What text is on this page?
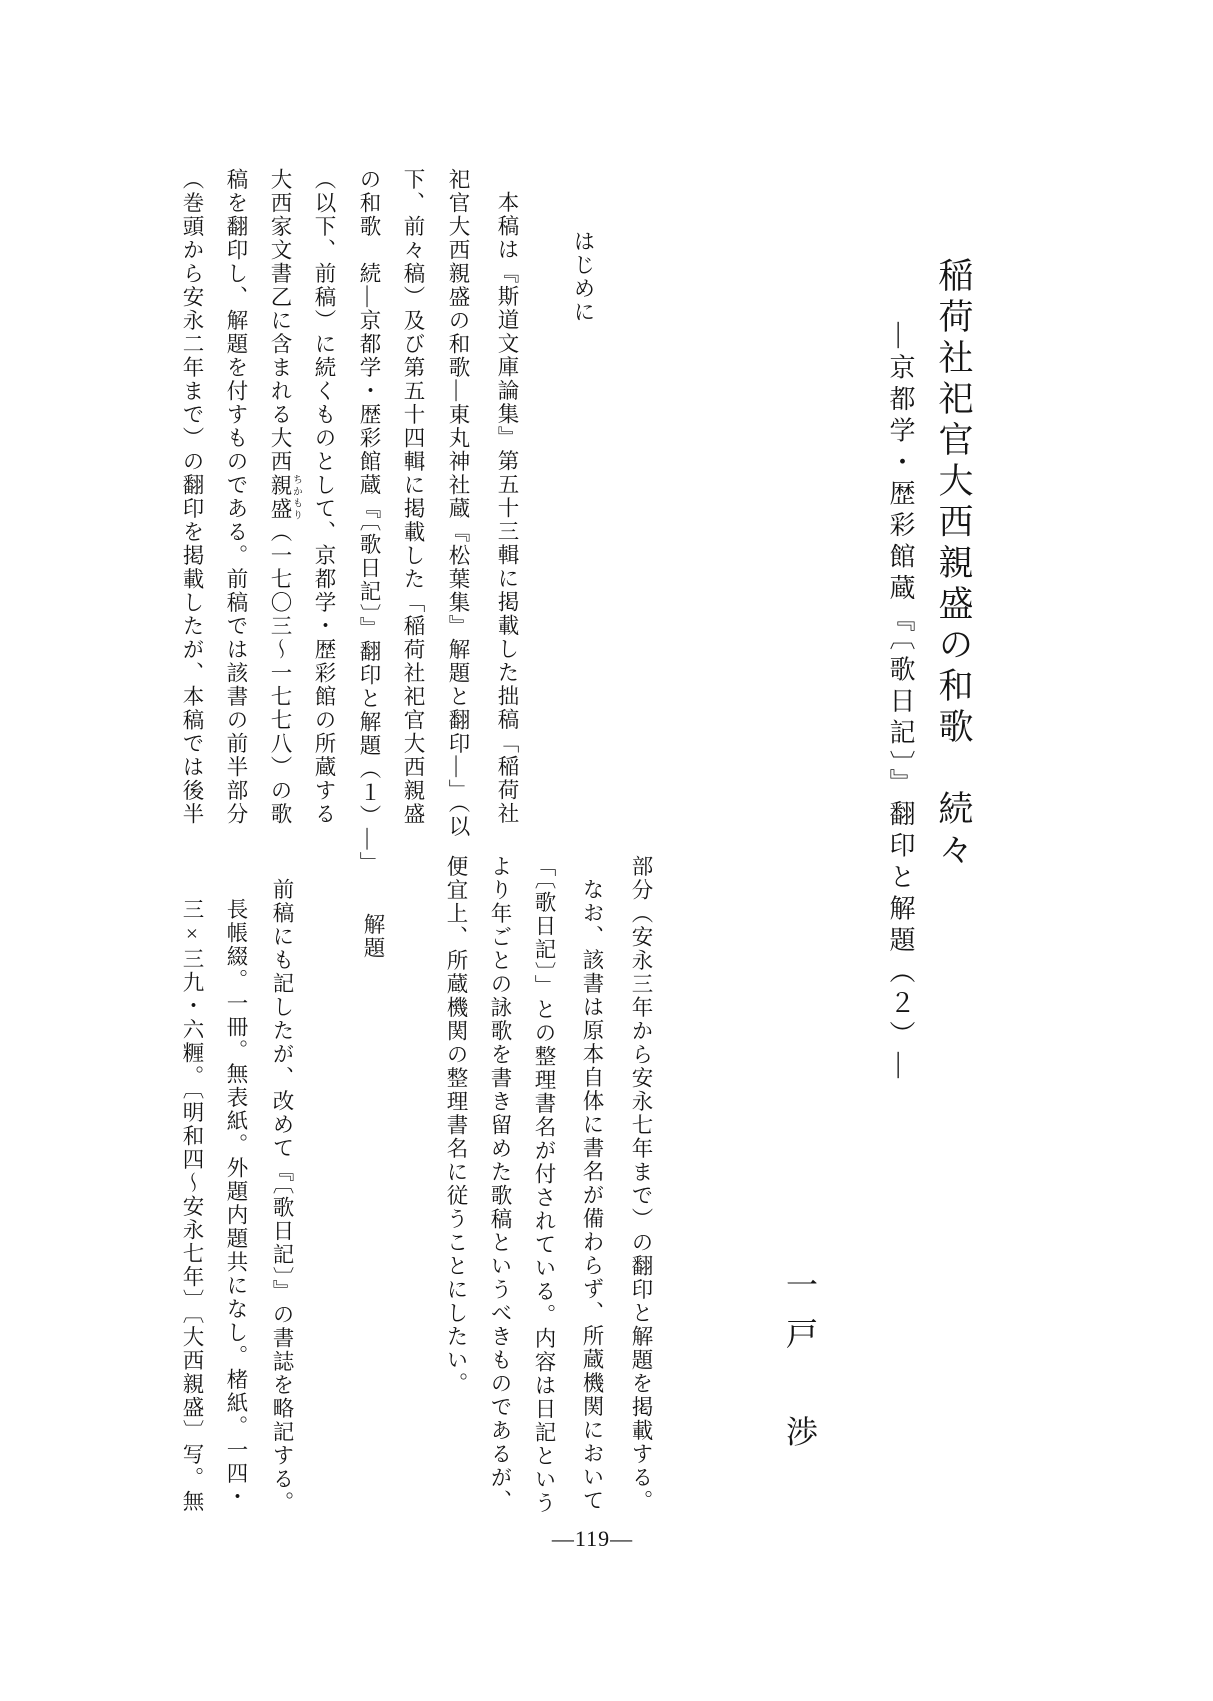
稲荷社祀官大西親盛の和歌　続々
―京都学・歴彩館蔵『〔歌日記〕』翻印と解題（２）―
一戸　渉
はじめに
本稿は『斯道文庫論集』第五十三輯に掲載した拙稿「稲荷社
祀官大西親盛の和歌―東丸神社蔵『松葉集』解題と翻印―」（以
下、前々稿）及び第五十四輯に掲載した「稲荷社祀官大西親盛
の和歌　続―京都学・歴彩館蔵『〔歌日記〕』翻印と解題（１）―」
（以下、前稿）に続くものとして、京都学・歴彩館の所蔵する
大西家文書乙に含まれる大西親盛ちかもり（一七〇三～一七七八）の歌
稿を翻印し、解題を付すものである。前稿では該書の前半部分
（巻頭から安永二年まで）の翻印を掲載したが、本稿では後半
部分（安永三年から安永七年まで）の翻印と解題を掲載する。
なお、該書は原本自体に書名が備わらず、所蔵機関において
「〔歌日記〕」との整理書名が付されている。内容は日記という
より年ごとの詠歌を書き留めた歌稿というべきものであるが、
便宜上、所蔵機関の整理書名に従うことにしたい。
解題
前稿にも記したが、改めて『〔歌日記〕』の書誌を略記する。
長帳綴。一冊。無表紙。外題内題共になし。楮紙。一四・
三×三九・六糎。〔明和四～安永七年〕〔大西親盛〕写。無
―119―
